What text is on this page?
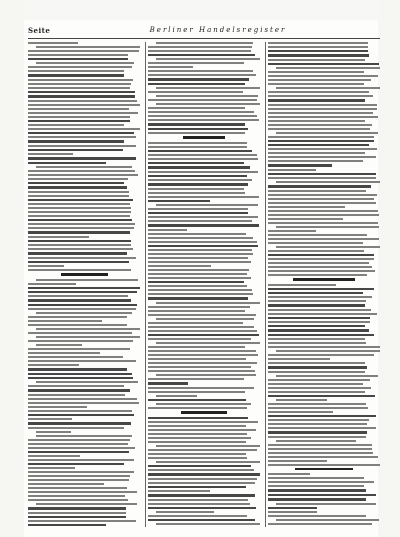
Seite	Berliner Handelsregister
